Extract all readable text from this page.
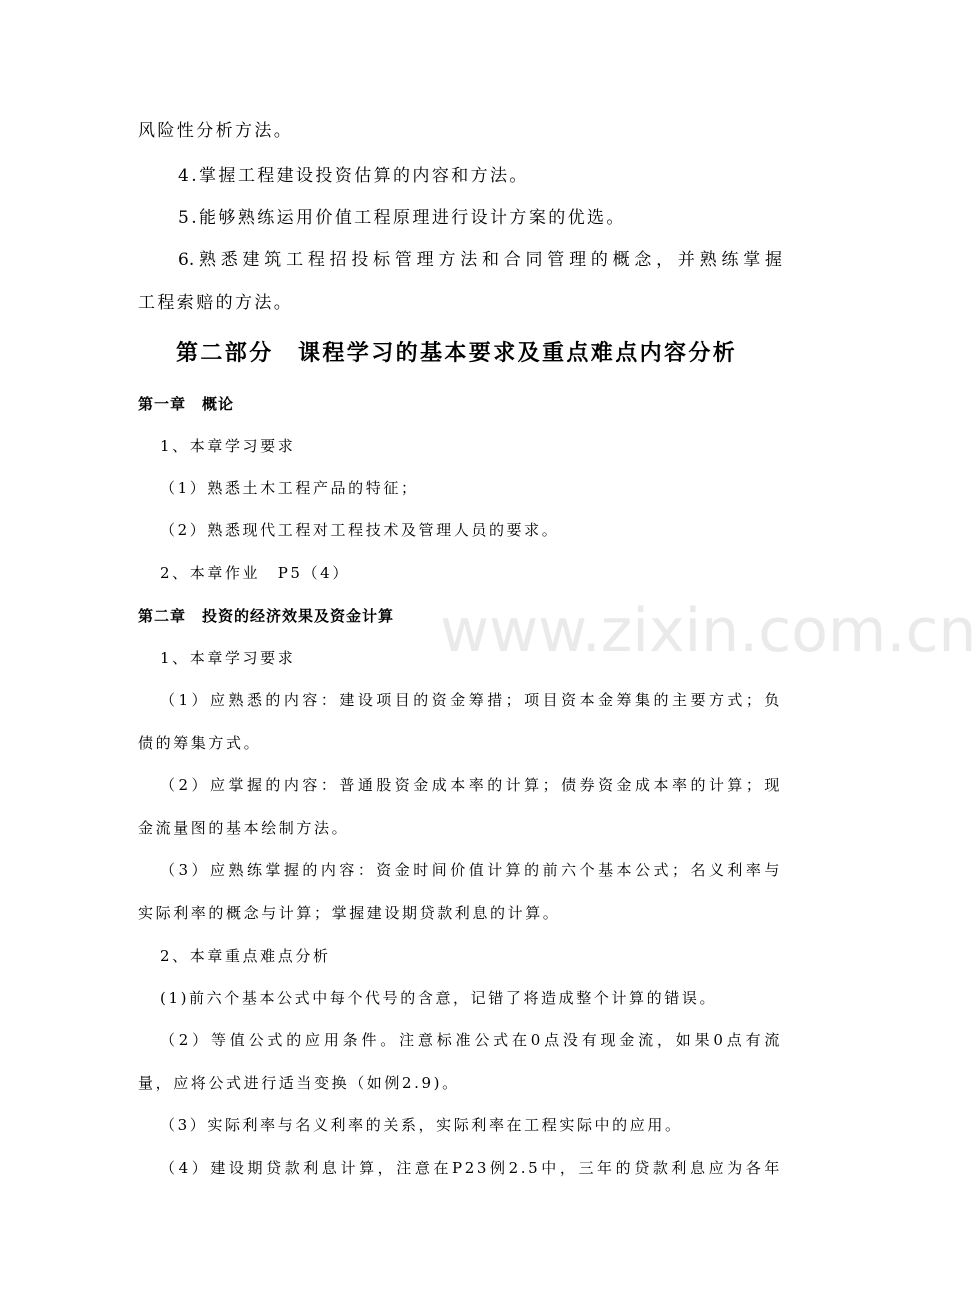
风险性分析方法。
4.掌握工程建设投资估算的内容和方法。
5.能够熟练运用价值工程原理进行设计方案的优选。
6.熟悉建筑工程招投标管理方法和合同管理的概念，并熟练掌握
工程索赔的方法。
第二部分　课程学习的基本要求及重点难点内容分析
第一章　概论
1、本章学习要求
（1）熟悉土木工程产品的特征；
（2）熟悉现代工程对工程技术及管理人员的要求。
2、本章作业　P5（4）
第二章　投资的经济效果及资金计算
1、本章学习要求
（1）应熟悉的内容：建设项目的资金筹措；项目资本金筹集的主要方式；负
债的筹集方式。
（2）应掌握的内容：普通股资金成本率的计算；债券资金成本率的计算；现
金流量图的基本绘制方法。
（3）应熟练掌握的内容：资金时间价值计算的前六个基本公式；名义利率与
实际利率的概念与计算；掌握建设期贷款利息的计算。
2、本章重点难点分析
(1)前六个基本公式中每个代号的含意，记错了将造成整个计算的错误。
（2）等值公式的应用条件。注意标准公式在0点没有现金流，如果0点有流
量，应将公式进行适当变换（如例2.9)。
（3）实际利率与名义利率的关系，实际利率在工程实际中的应用。
（4）建设期贷款利息计算，注意在P23例2.5中，三年的贷款利息应为各年
www.zixin.com.cn
